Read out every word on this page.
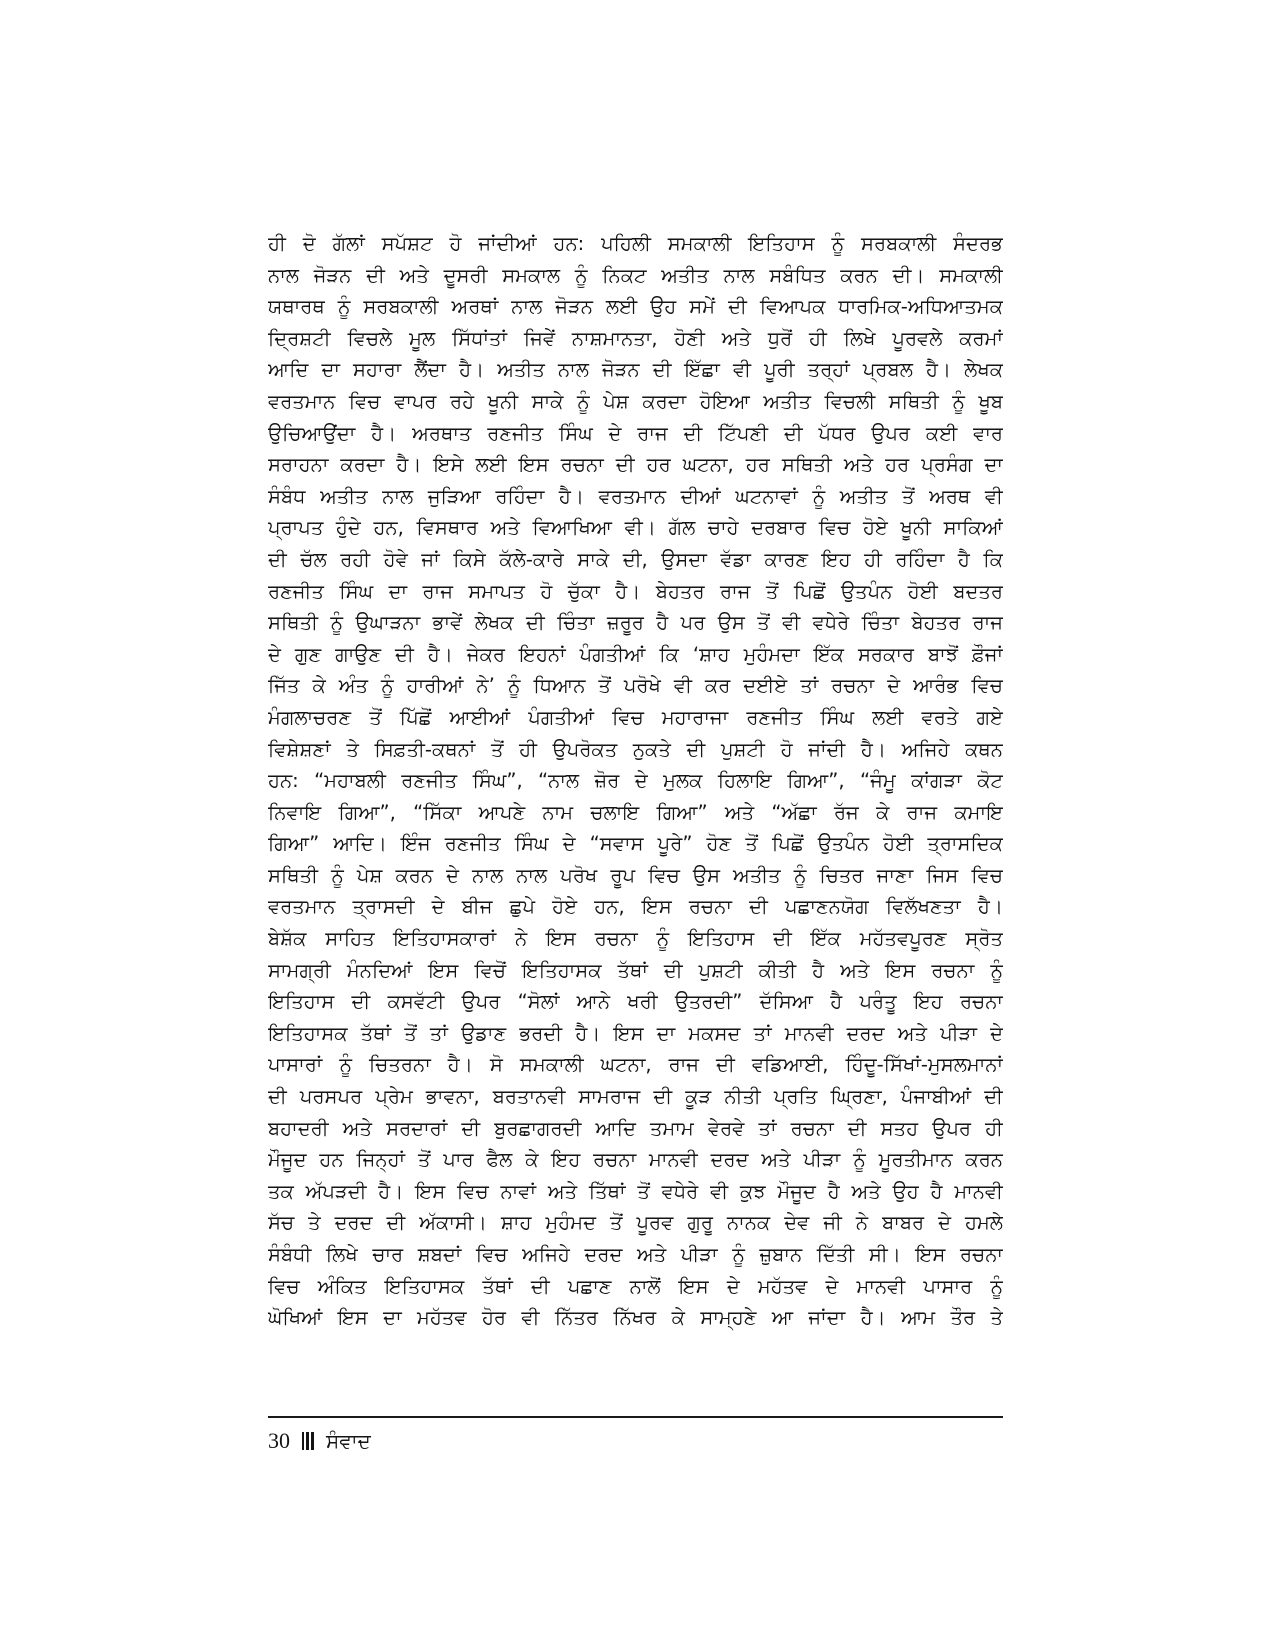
ਹੀ ਦੋ ਗੱਲਾਂ ਸਪੱਸ਼ਟ ਹੋ ਜਾਂਦੀਆਂ ਹਨ: ਪਹਿਲੀ ਸਮਕਾਲੀ ਇਤਿਹਾਸ ਨੂੰ ਸਰਬਕਾਲੀ ਸੰਦਰਭ
ਨਾਲ ਜੋੜਨ ਦੀ ਅਤੇ ਦੂਸਰੀ ਸਮਕਾਲ ਨੂੰ ਨਿਕਟ ਅਤੀਤ ਨਾਲ ਸਬੰਧਿਤ ਕਰਨ ਦੀ। ਸਮਕਾਲੀ
ਯਥਾਰਥ ਨੂੰ ਸਰਬਕਾਲੀ ਅਰਥਾਂ ਨਾਲ ਜੋੜਨ ਲਈ ਉਹ ਸਮੇਂ ਦੀ ਵਿਆਪਕ ਧਾਰਮਿਕ-ਅਧਿਆਤਮਕ
ਦ੍ਰਿਸ਼ਟੀ ਵਿਚਲੇ ਮੂਲ ਸਿੱਧਾਂਤਾਂ ਜਿਵੇਂ ਨਾਸ਼ਮਾਨਤਾ, ਹੋਣੀ ਅਤੇ ਧੁਰੋਂ ਹੀ ਲਿਖੇ ਪੂਰਵਲੇ ਕਰਮਾਂ
ਆਦਿ ਦਾ ਸਹਾਰਾ ਲੈਂਦਾ ਹੈ। ਅਤੀਤ ਨਾਲ ਜੋੜਨ ਦੀ ਇੱਛਾ ਵੀ ਪੂਰੀ ਤਰ੍ਹਾਂ ਪ੍ਰਬਲ ਹੈ। ਲੇਖਕ
ਵਰਤਮਾਨ ਵਿਚ ਵਾਪਰ ਰਹੇ ਖੂਨੀ ਸਾਕੇ ਨੂੰ ਪੇਸ਼ ਕਰਦਾ ਹੋਇਆ ਅਤੀਤ ਵਿਚਲੀ ਸਥਿਤੀ ਨੂੰ ਖੂਬ
ਉਚਿਆਉਂਦਾ ਹੈ। ਅਰਥਾਤ ਰਣਜੀਤ ਸਿੰਘ ਦੇ ਰਾਜ ਦੀ ਟਿੱਪਣੀ ਦੀ ਪੱਧਰ ਉਪਰ ਕਈ ਵਾਰ
ਸਰਾਹਨਾ ਕਰਦਾ ਹੈ। ਇਸੇ ਲਈ ਇਸ ਰਚਨਾ ਦੀ ਹਰ ਘਟਨਾ, ਹਰ ਸਥਿਤੀ ਅਤੇ ਹਰ ਪ੍ਰਸੰਗ ਦਾ
ਸੰਬੰਧ ਅਤੀਤ ਨਾਲ ਜੁੜਿਆ ਰਹਿੰਦਾ ਹੈ। ਵਰਤਮਾਨ ਦੀਆਂ ਘਟਨਾਵਾਂ ਨੂੰ ਅਤੀਤ ਤੋਂ ਅਰਥ ਵੀ
ਪ੍ਰਾਪਤ ਹੁੰਦੇ ਹਨ, ਵਿਸਥਾਰ ਅਤੇ ਵਿਆਖਿਆ ਵੀ। ਗੱਲ ਚਾਹੇ ਦਰਬਾਰ ਵਿਚ ਹੋਏ ਖੂਨੀ ਸਾਕਿਆਂ
ਦੀ ਚੱਲ ਰਹੀ ਹੋਵੇ ਜਾਂ ਕਿਸੇ ਕੱਲੇ-ਕਾਰੇ ਸਾਕੇ ਦੀ, ਉਸਦਾ ਵੱਡਾ ਕਾਰਣ ਇਹ ਹੀ ਰਹਿੰਦਾ ਹੈ ਕਿ
ਰਣਜੀਤ ਸਿੰਘ ਦਾ ਰਾਜ ਸਮਾਪਤ ਹੋ ਚੁੱਕਾ ਹੈ। ਬੇਹਤਰ ਰਾਜ ਤੋਂ ਪਿਛੋਂ ਉਤਪੰਨ ਹੋਈ ਬਦਤਰ
ਸਥਿਤੀ ਨੂੰ ਉਘਾੜਨਾ ਭਾਵੇਂ ਲੇਖਕ ਦੀ ਚਿੰਤਾ ਜ਼ਰੂਰ ਹੈ ਪਰ ਉਸ ਤੋਂ ਵੀ ਵਧੇਰੇ ਚਿੰਤਾ ਬੇਹਤਰ ਰਾਜ
ਦੇ ਗੁਣ ਗਾਉਣ ਦੀ ਹੈ। ਜੇਕਰ ਇਹਨਾਂ ਪੰਗਤੀਆਂ ਕਿ ‘ਸ਼ਾਹ ਮੁਹੰਮਦਾ ਇੱਕ ਸਰਕਾਰ ਬਾਝੋਂ ਫ਼ੌਜਾਂ
ਜਿੱਤ ਕੇ ਅੰਤ ਨੂੰ ਹਾਰੀਆਂ ਨੇ’ ਨੂੰ ਧਿਆਨ ਤੋਂ ਪਰੋਖੇ ਵੀ ਕਰ ਦਈਏ ਤਾਂ ਰਚਨਾ ਦੇ ਆਰੰਭ ਵਿਚ
ਮੰਗਲਾਚਰਣ ਤੋਂ ਪਿੱਛੋਂ ਆਈਆਂ ਪੰਗਤੀਆਂ ਵਿਚ ਮਹਾਰਾਜਾ ਰਣਜੀਤ ਸਿੰਘ ਲਈ ਵਰਤੇ ਗਏ
ਵਿਸ਼ੇਸ਼ਣਾਂ ਤੇ ਸਿਫ਼ਤੀ-ਕਥਨਾਂ ਤੋਂ ਹੀ ਉਪਰੋਕਤ ਨੁਕਤੇ ਦੀ ਪੁਸ਼ਟੀ ਹੋ ਜਾਂਦੀ ਹੈ। ਅਜਿਹੇ ਕਥਨ
ਹਨ: “ਮਹਾਬਲੀ ਰਣਜੀਤ ਸਿੰਘ”, “ਨਾਲ ਜ਼ੋਰ ਦੇ ਮੁਲਕ ਹਿਲਾਇ ਗਿਆ”, “ਜੰਮੂ ਕਾਂਗੜਾ ਕੋਟ
ਨਿਵਾਇ ਗਿਆ”, “ਸਿੱਕਾ ਆਪਣੇ ਨਾਮ ਚਲਾਇ ਗਿਆ” ਅਤੇ “ਅੱਛਾ ਰੱਜ ਕੇ ਰਾਜ ਕਮਾਇ
ਗਿਆ” ਆਦਿ। ਇੰਜ ਰਣਜੀਤ ਸਿੰਘ ਦੇ “ਸਵਾਸ ਪੂਰੇ” ਹੋਣ ਤੋਂ ਪਿਛੋਂ ਉਤਪੰਨ ਹੋਈ ਤ੍ਰਾਸਦਿਕ
ਸਥਿਤੀ ਨੂੰ ਪੇਸ਼ ਕਰਨ ਦੇ ਨਾਲ ਨਾਲ ਪਰੋਖ ਰੂਪ ਵਿਚ ਉਸ ਅਤੀਤ ਨੂੰ ਚਿਤਰ ਜਾਣਾ ਜਿਸ ਵਿਚ
ਵਰਤਮਾਨ ਤ੍ਰਾਸਦੀ ਦੇ ਬੀਜ ਛੁਪੇ ਹੋਏ ਹਨ, ਇਸ ਰਚਨਾ ਦੀ ਪਛਾਣਨਯੋਗ ਵਿਲੱਖਣਤਾ ਹੈ।
ਬੇਸ਼ੱਕ ਸਾਹਿਤ ਇਤਿਹਾਸਕਾਰਾਂ ਨੇ ਇਸ ਰਚਨਾ ਨੂੰ ਇਤਿਹਾਸ ਦੀ ਇੱਕ ਮਹੱਤਵਪੂਰਣ ਸ੍ਰੋਤ
ਸਾਮਗ੍ਰੀ ਮੰਨਦਿਆਂ ਇਸ ਵਿਚੋਂ ਇਤਿਹਾਸਕ ਤੱਥਾਂ ਦੀ ਪੁਸ਼ਟੀ ਕੀਤੀ ਹੈ ਅਤੇ ਇਸ ਰਚਨਾ ਨੂੰ
ਇਤਿਹਾਸ ਦੀ ਕਸਵੱਟੀ ਉਪਰ “ਸੋਲਾਂ ਆਨੇ ਖਰੀ ਉਤਰਦੀ” ਦੱਸਿਆ ਹੈ ਪਰੰਤੂ ਇਹ ਰਚਨਾ
ਇਤਿਹਾਸਕ ਤੱਥਾਂ ਤੋਂ ਤਾਂ ਉਡਾਣ ਭਰਦੀ ਹੈ। ਇਸ ਦਾ ਮਕਸਦ ਤਾਂ ਮਾਨਵੀ ਦਰਦ ਅਤੇ ਪੀੜਾ ਦੇ
ਪਾਸਾਰਾਂ ਨੂੰ ਚਿਤਰਨਾ ਹੈ। ਸੋ ਸਮਕਾਲੀ ਘਟਨਾ, ਰਾਜ ਦੀ ਵਡਿਆਈ, ਹਿੰਦੂ-ਸਿੱਖਾਂ-ਮੁਸਲਮਾਨਾਂ
ਦੀ ਪਰਸਪਰ ਪ੍ਰੇਮ ਭਾਵਨਾ, ਬਰਤਾਨਵੀ ਸਾਮਰਾਜ ਦੀ ਕੂੜ ਨੀਤੀ ਪ੍ਰਤਿ ਘ੍ਰਿਣਾ, ਪੰਜਾਬੀਆਂ ਦੀ
ਬਹਾਦਰੀ ਅਤੇ ਸਰਦਾਰਾਂ ਦੀ ਬੁਰਛਾਗਰਦੀ ਆਦਿ ਤਮਾਮ ਵੇਰਵੇ ਤਾਂ ਰਚਨਾ ਦੀ ਸਤਹ ਉਪਰ ਹੀ
ਮੌਜੂਦ ਹਨ ਜਿਨ੍ਹਾਂ ਤੋਂ ਪਾਰ ਫੈਲ ਕੇ ਇਹ ਰਚਨਾ ਮਾਨਵੀ ਦਰਦ ਅਤੇ ਪੀੜਾ ਨੂੰ ਮੂਰਤੀਮਾਨ ਕਰਨ
ਤਕ ਅੱਪੜਦੀ ਹੈ। ਇਸ ਵਿਚ ਨਾਵਾਂ ਅਤੇ ਤਿੱਥਾਂ ਤੋਂ ਵਧੇਰੇ ਵੀ ਕੁਝ ਮੌਜੂਦ ਹੈ ਅਤੇ ਉਹ ਹੈ ਮਾਨਵੀ
ਸੱਚ ਤੇ ਦਰਦ ਦੀ ਅੱਕਾਸੀ। ਸ਼ਾਹ ਮੁਹੰਮਦ ਤੋਂ ਪੂਰਵ ਗੁਰੂ ਨਾਨਕ ਦੇਵ ਜੀ ਨੇ ਬਾਬਰ ਦੇ ਹਮਲੇ
ਸੰਬੰਧੀ ਲਿਖੇ ਚਾਰ ਸ਼ਬਦਾਂ ਵਿਚ ਅਜਿਹੇ ਦਰਦ ਅਤੇ ਪੀੜਾ ਨੂੰ ਜ਼ੁਬਾਨ ਦਿੱਤੀ ਸੀ। ਇਸ ਰਚਨਾ
ਵਿਚ ਅੰਕਿਤ ਇਤਿਹਾਸਕ ਤੱਥਾਂ ਦੀ ਪਛਾਣ ਨਾਲੋਂ ਇਸ ਦੇ ਮਹੱਤਵ ਦੇ ਮਾਨਵੀ ਪਾਸਾਰ ਨੂੰ
ਘੋਖਿਆਂ ਇਸ ਦਾ ਮਹੱਤਵ ਹੋਰ ਵੀ ਨਿੱਤਰ ਨਿੱਖਰ ਕੇ ਸਾਮ੍ਹਣੇ ਆ ਜਾਂਦਾ ਹੈ। ਆਮ ਤੌਰ ਤੇ
30 ਸੰਵਾਦ
